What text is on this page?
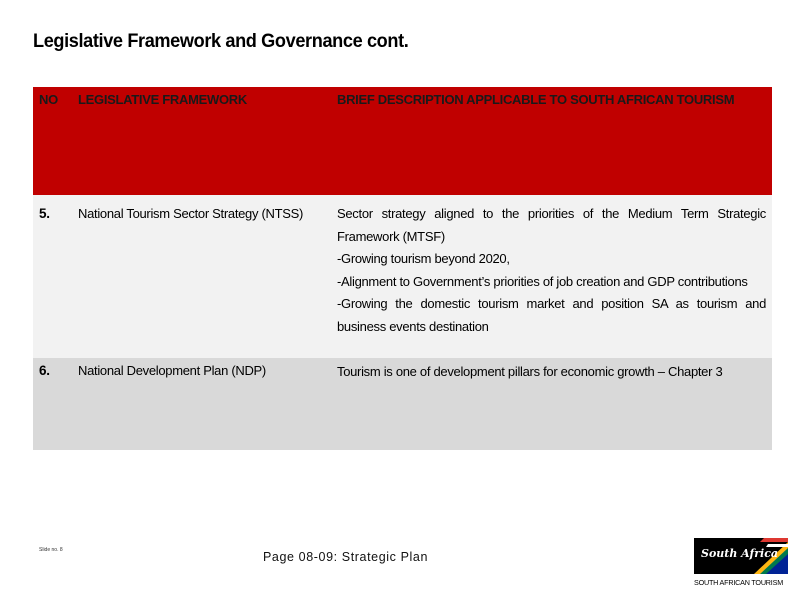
Legislative Framework and Governance cont.
NO	LEGISLATIVE FRAMEWORK	BRIEF DESCRIPTION APPLICABLE TO SOUTH AFRICAN TOURISM
5.	National Tourism Sector Strategy (NTSS)	Sector strategy aligned to the priorities of the Medium Term Strategic Framework (MTSF)

-Growing tourism beyond 2020,

-Alignment to Government’s priorities of job creation and GDP contributions

-Growing the domestic tourism market and position SA as tourism and business events destination

6.	National Development Plan (NDP)	Tourism is one of development pillars for economic growth – Chapter 3

Slide no. 8	Page 08-09: Strategic Plan	South Africa
SOUTH AFRICAN TOURISM
